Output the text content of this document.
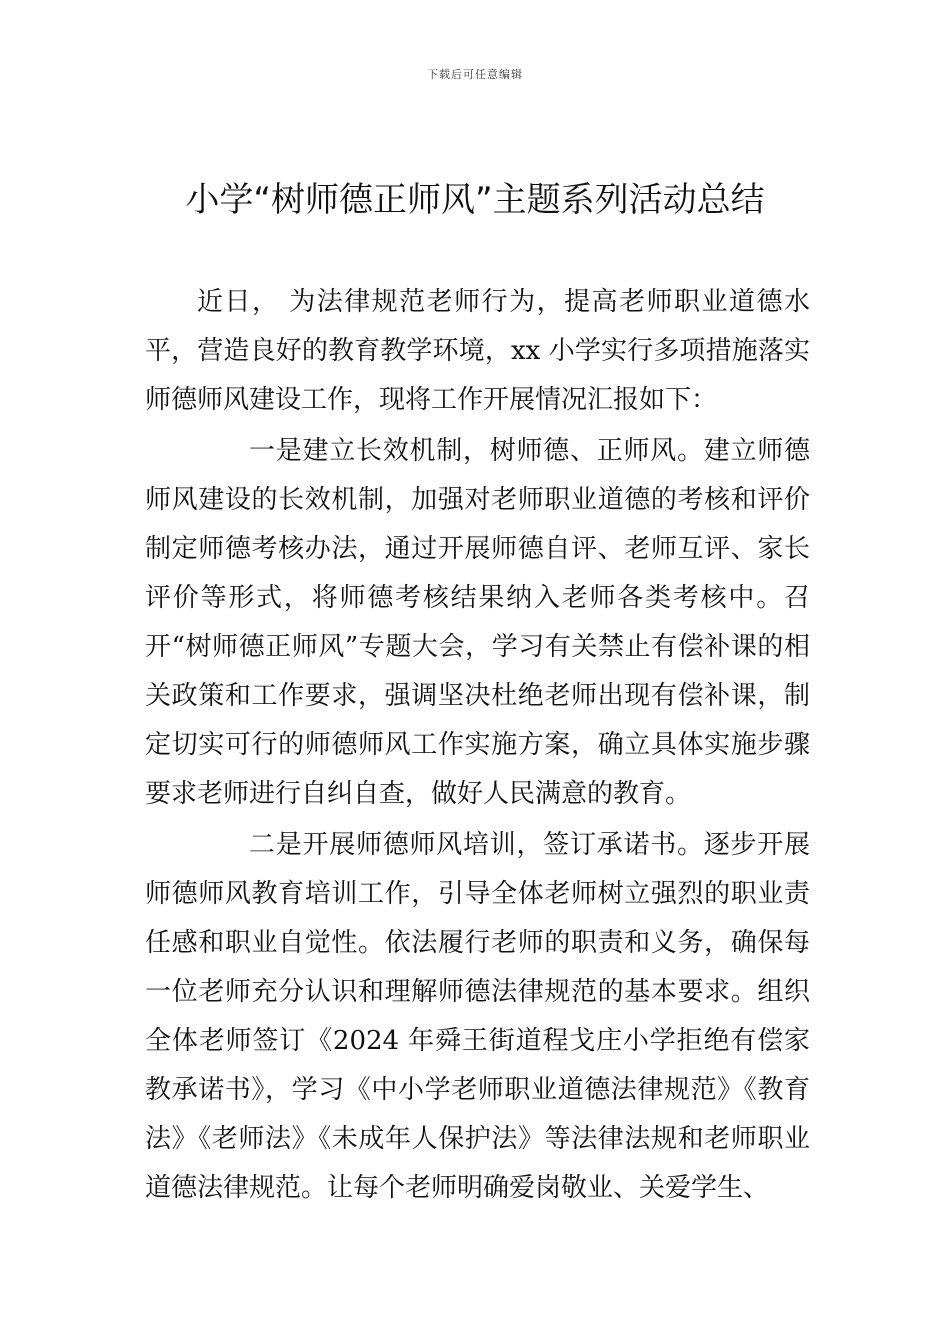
下载后可任意编辑
小学“树师德正师风”主题系列活动总结

近日， 为法律规范老师行为，提高老师职业道德水平，营造良好的教育教学环境，xx 小学实行多项措施落实师德师风建设工作，现将工作开展情况汇报如下：

一是建立长效机制，树师德、正师风。建立师德师风建设的长效机制，加强对老师职业道德的考核和评价制定师德考核办法，通过开展师德自评、老师互评、家长评价等形式，将师德考核结果纳入老师各类考核中。召开“树师德正师风”专题大会，学习有关禁止有偿补课的相关政策和工作要求，强调坚决杜绝老师出现有偿补课，制定切实可行的师德师风工作实施方案，确立具体实施步骤要求老师进行自纠自查，做好人民满意的教育。

二是开展师德师风培训，签订承诺书。逐步开展师德师风教育培训工作，引导全体老师树立强烈的职业责任感和职业自觉性。依法履行老师的职责和义务，确保每一位老师充分认识和理解师德法律规范的基本要求。组织全体老师签订《2024 年舜王街道程戈庄小学拒绝有偿家教承诺书》，学习《中小学老师职业道德法律规范》《教育法》《老师法》《未成年人保护法》等法律法规和老师职业道德法律规范。让每个老师明确爱岗敬业、关爱学生、
